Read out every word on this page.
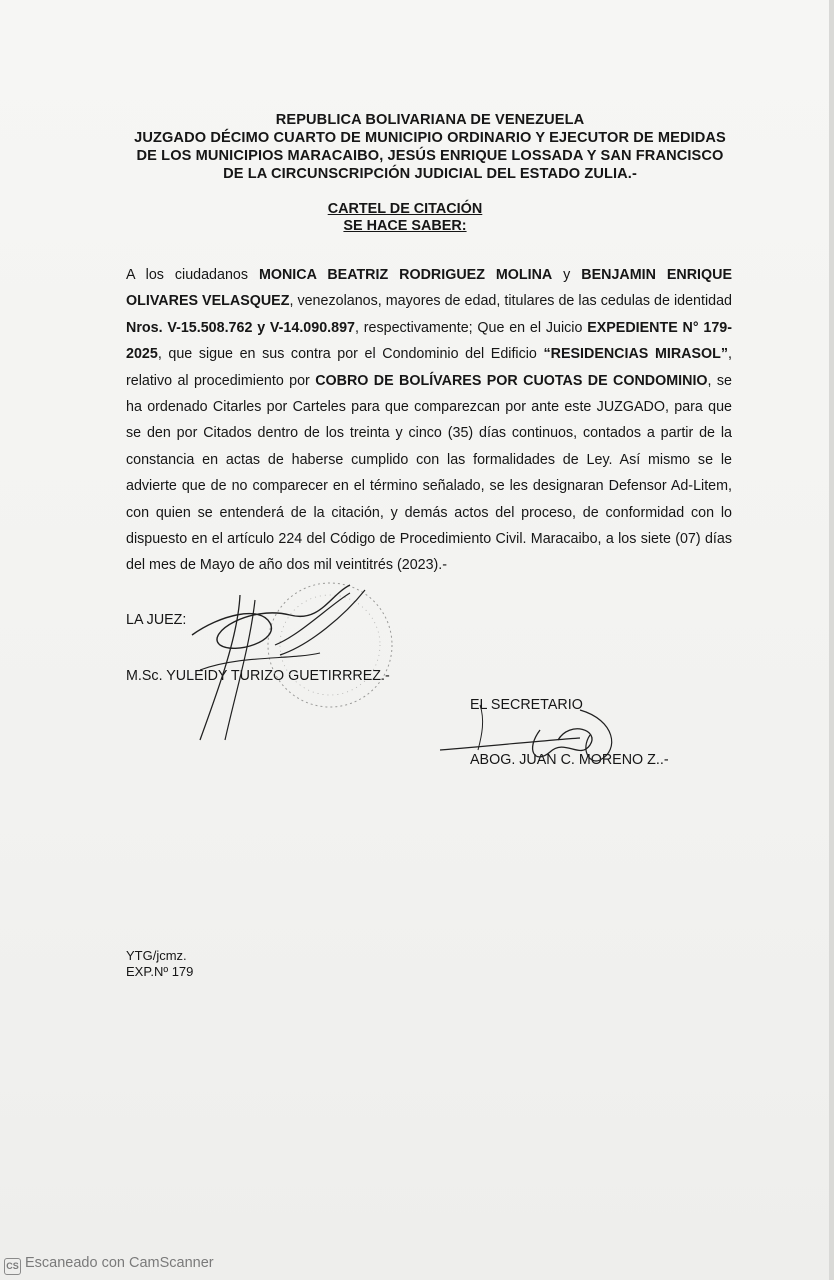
REPUBLICA BOLIVARIANA DE VENEZUELA
JUZGADO DÉCIMO CUARTO DE MUNICIPIO ORDINARIO Y EJECUTOR DE MEDIDAS
DE LOS MUNICIPIOS MARACAIBO, JESÚS ENRIQUE LOSSADA Y SAN FRANCISCO
DE LA CIRCUNSCRIPCIÓN JUDICIAL DEL ESTADO ZULIA.-
CARTEL DE CITACIÓN
SE HACE SABER:
A los ciudadanos MONICA BEATRIZ RODRIGUEZ MOLINA y BENJAMIN ENRIQUE OLIVARES VELASQUEZ, venezolanos, mayores de edad, titulares de las cedulas de identidad Nros. V-15.508.762 y V-14.090.897, respectivamente; Que en el Juicio EXPEDIENTE N° 179-2025, que sigue en sus contra por el Condominio del Edificio “RESIDENCIAS MIRASOL”, relativo al procedimiento por COBRO DE BOLÍVARES POR CUOTAS DE CONDOMINIO, se ha ordenado Citarles por Carteles para que comparezcan por ante este JUZGADO, para que se den por Citados dentro de los treinta y cinco (35) días continuos, contados a partir de la constancia en actas de haberse cumplido con las formalidades de Ley. Así mismo se le advierte que de no comparecer en el término señalado, se les designaran Defensor Ad-Litem, con quien se entenderá de la citación, y demás actos del proceso, de conformidad con lo dispuesto en el artículo 224 del Código de Procedimiento Civil. Maracaibo, a los siete (07) días del mes de Mayo de año dos mil veintitrés (2023).-
LA JUEZ:
M.Sc. YULEIDY TURIZO GUETIRRREZ.-
EL SECRETARIO
ABOG. JUAN C. MORENO Z..-
YTG/jcmz.
EXP.Nº 179
CS Escaneado con CamScanner
